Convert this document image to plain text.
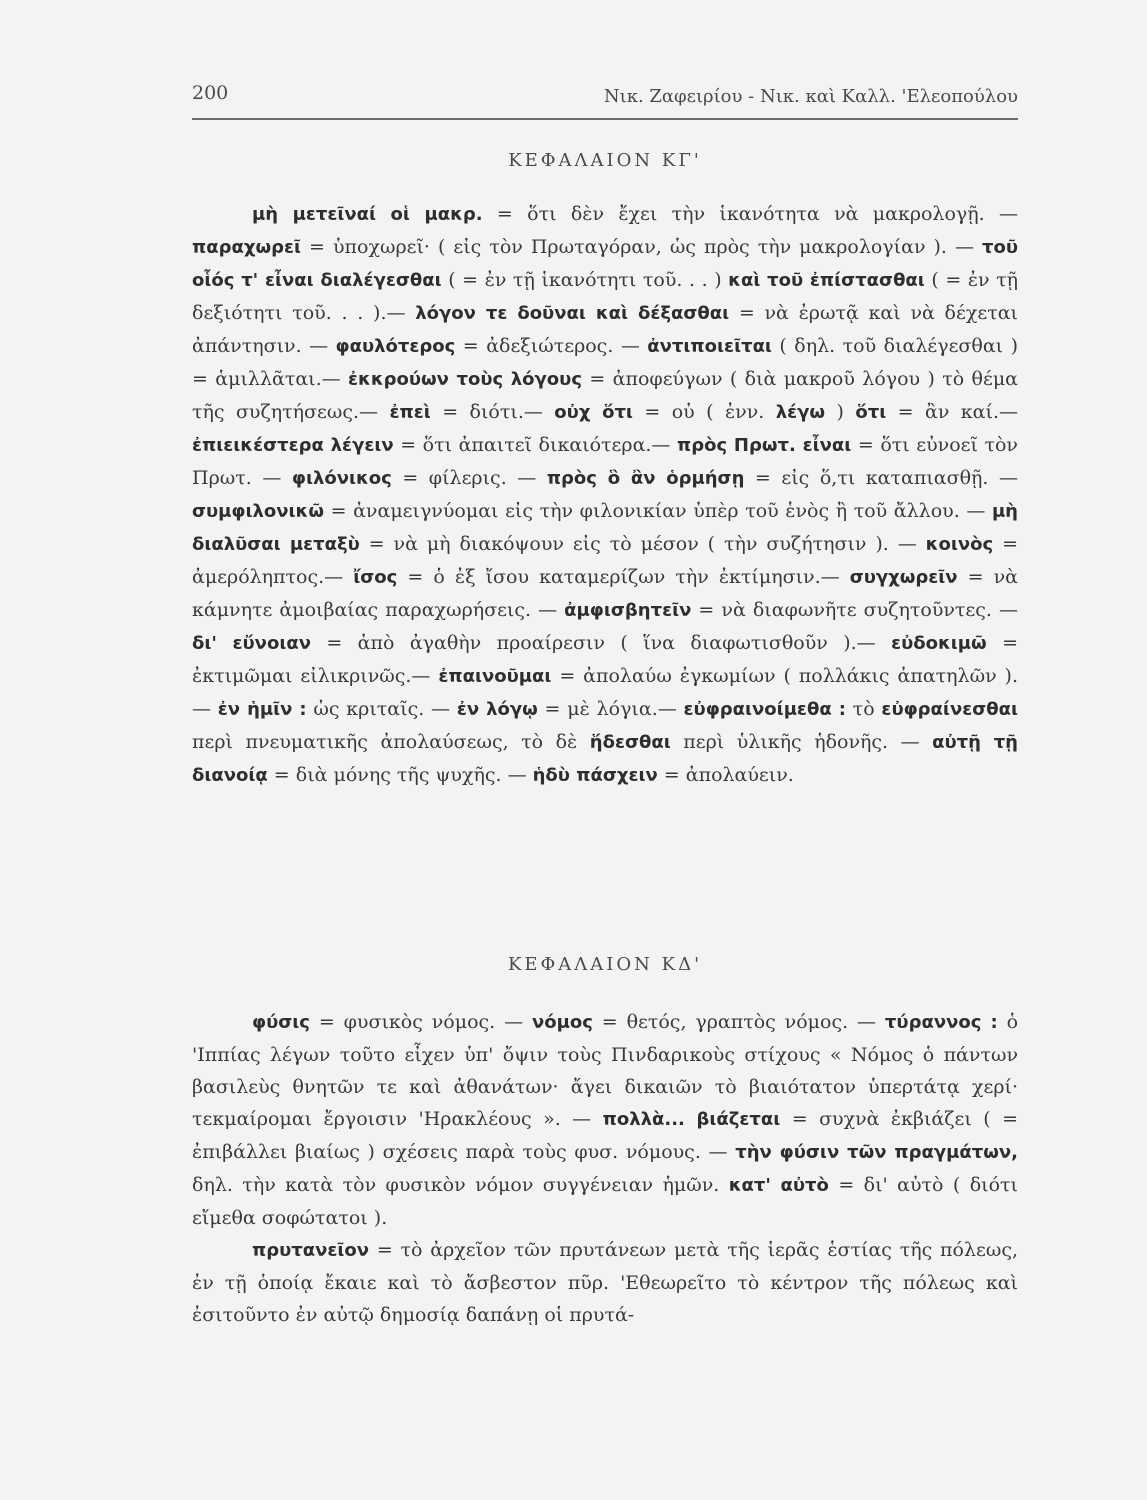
200	Νικ. Ζαφειρίου - Νικ. καὶ Καλλ. 'Ελεοπούλου
ΚΕΦΑΛΑΙΟΝ ΚΓ'

μὴ μετεῖναί οἱ μακρ. = ὅτι δὲν ἔχει τὴν ἱκανότητα νὰ μακρολογῇ. — παραχωρεῖ = ὑποχωρεῖ· ( εἰς τὸν Πρωταγόραν, ὡς πρὸς τὴν μακρολογίαν ). — τοῦ οἷός τ' εἶναι διαλέγεσθαι ( = ἐν τῇ ἱκανότητι τοῦ. . . ) καὶ τοῦ ἐπίστασθαι ( = ἐν τῇ δεξιότητι τοῦ. . . ).— λόγον τε δοῦναι καὶ δέξασθαι = νὰ ἐρωτᾷ καὶ νὰ δέχεται ἀπάντησιν. — φαυλότερος = ἀδεξιώτερος. — ἀντιποιεῖται ( δηλ. τοῦ διαλέγεσθαι ) = ἁμιλλᾶται.— ἐκκρούων τοὺς λόγους = ἀποφεύγων ( διὰ μακροῦ λόγου ) τὸ θέμα τῆς συζητήσεως.— ἐπεὶ = διότι.— οὐχ ὅτι = οὐ ( ἐνν. λέγω ) ὅτι = ἂν καί.— ἐπιεικέστερα λέγειν = ὅτι ἀπαιτεῖ δικαιότερα.— πρὸς Πρωτ. εἶναι = ὅτι εὐνοεῖ τὸν Πρωτ. — φιλόνικος = φίλερις. — πρὸς ὃ ἂν ὁρμήσῃ = εἰς ὅ,τι καταπιασθῇ. — συμφιλονικῶ = ἀναμειγνύομαι εἰς τὴν φιλονικίαν ὑπὲρ τοῦ ἑνὸς ἢ τοῦ ἄλλου. — μὴ διαλῦσαι μεταξὺ = νὰ μὴ διακόψουν εἰς τὸ μέσον ( τὴν συζήτησιν ). — κοινὸς = ἀμερόληπτος.— ἴσος = ὁ ἐξ ἴσου καταμερίζων τὴν ἐκτίμησιν.— συγχωρεῖν = νὰ κάμνητε ἀμοιβαίας παραχωρήσεις. — ἀμφισβητεῖν = νὰ διαφωνῆτε συζητοῦντες. — δι' εὔνοιαν = ἀπὸ ἀγαθὴν προαίρεσιν ( ἵνα διαφωτισθοῦν ).— εὐδοκιμῶ = ἐκτιμῶμαι εἰλικρινῶς.— ἐπαινοῦμαι = ἀπολαύω ἐγκωμίων ( πολλάκις ἀπατηλῶν ).— ἐν ἡμῖν : ὡς κριταῖς. — ἐν λόγῳ = μὲ λόγια.— εὐφραινοίμεθα : τὸ εὐφραίνεσθαι περὶ πνευματικῆς ἀπολαύσεως, τὸ δὲ ἥδεσθαι περὶ ὑλικῆς ἡδονῆς. — αὐτῇ τῇ διανοίᾳ = διὰ μόνης τῆς ψυχῆς. — ἡδὺ πάσχειν = ἀπολαύειν.

ΚΕΦΑΛΑΙΟΝ ΚΔ'

φύσις = φυσικὸς νόμος. — νόμος = θετός, γραπτὸς νόμος. — τύραννος : ὁ 'Ιππίας λέγων τοῦτο εἶχεν ὑπ' ὄψιν τοὺς Πινδαρικοὺς στίχους « Νόμος ὁ πάντων βασιλεὺς θνητῶν τε καὶ ἀθανάτων· ἄγει δικαιῶν τὸ βιαιότατον ὑπερτάτᾳ χερί· τεκμαίρομαι ἔργοισιν 'Ηρακλέους ». — πολλὰ... βιάζεται = συχνὰ ἐκβιάζει ( = ἐπιβάλλει βιαίως ) σχέσεις παρὰ τοὺς φυσ. νόμους. — τὴν φύσιν τῶν πραγμάτων, δηλ. τὴν κατὰ τὸν φυσικὸν νόμον συγγένειαν ἡμῶν. κατ' αὐτὸ = δι' αὐτὸ ( διότι εἴμεθα σοφώτατοι ).

πρυτανεῖον = τὸ ἀρχεῖον τῶν πρυτάνεων μετὰ τῆς ἱερᾶς ἑστίας τῆς πόλεως, ἐν τῇ ὁποίᾳ ἔκαιε καὶ τὸ ἄσβεστον πῦρ. 'Εθεωρεῖτο τὸ κέντρον τῆς πόλεως καὶ ἐσιτοῦντο ἐν αὐτῷ δημοσίᾳ δαπάνῃ οἱ πρυτά-
